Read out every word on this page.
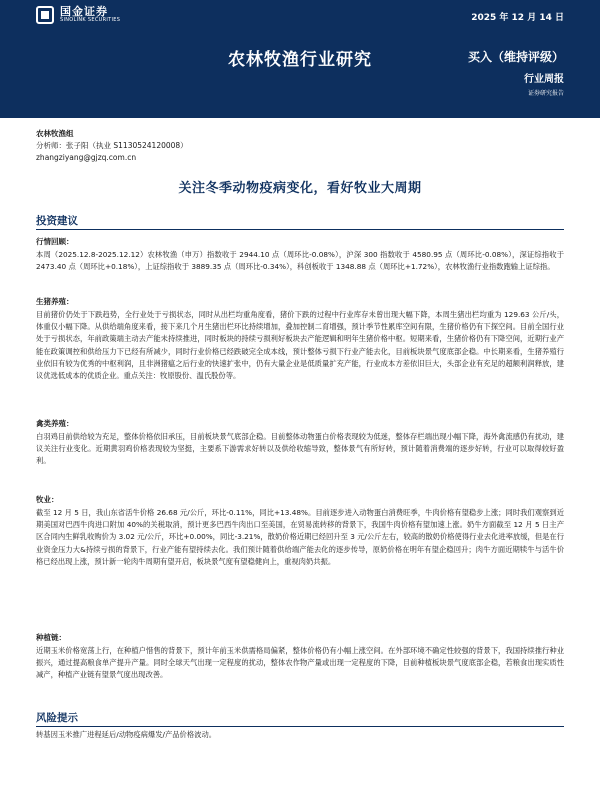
国金证券
SINOLINK SECURITIES	2025 年 12 月 14 日
农林牧渔行业研究	买入（维持评级）
行业周报
证券研究报告
农林牧渔组
分析师：张子阳（执业 S1130524120008）
zhangziyang@gjzq.com.cn
关注冬季动物疫病变化，看好牧业大周期
投资建议
行情回顾：
本周（2025.12.8-2025.12.12）农林牧渔（申万）指数收于 2944.10 点（周环比-0.08%），沪深 300 指数收于 4580.95 点（周环比-0.08%），深证综指收于 2473.40 点（周环比+0.18%），上证综指收于 3889.35 点（周环比-0.34%），科创板收于 1348.88 点（周环比+1.72%），农林牧渔行业指数跑输上证综指。
生猪养殖：
目前猪价仍处于下跌趋势，全行业处于亏损状态，同时从出栏均重角度看，猪价下跌的过程中行业库存未曾出现大幅下降，本周生猪出栏均重为 129.63 公斤/头，体重仅小幅下降。从供给端角度来看，接下来几个月生猪出栏环比持续增加，叠加控制二育增强，预计季节性累库空间有限，生猪价格仍有下探空间。目前全国行业处于亏损状态，年前政策端主动去产能未持续推进，同时板块的持续亏损利好板块去产能逻辑和明年生猪价格中枢。短期来看，生猪价格仍有下降空间，近期行业产能在政策调控和供给压力下已经有所减少，同时行业价格已经跌破完全成本线，预计整体亏损下行业产能去化，目前板块景气度底部企稳。中长期来看，生猪养殖行业依旧有较为优秀的中枢利润，且非洲猪瘟之后行业的快速扩张中，仍有大量企业是低质量扩充产能，行业成本方差依旧巨大，头部企业有充足的超额利润释放，建议优选低成本的优质企业。重点关注：牧原股份、温氏股份等。
禽类养殖：
白羽鸡目前供给较为充足，整体价格依旧承压，目前板块景气底部企稳。目前整体动物蛋白价格表现较为低迷，整体存栏端出现小幅下降，海外禽流感仍有扰动，建议关注行业变化。近期黄羽鸡价格表现较为坚挺，主要系下游需求好转以及供给收缩导致，整体景气有所好转，预计随着消费端的逐步好转，行业可以取得较好盈利。
牧业：
截至 12 月 5 日，我山东省活牛价格 26.68 元/公斤，环比-0.11%，同比+13.48%。目前逐步进入动物蛋白消费旺季，牛肉价格有望稳步上涨；同时我们观察到近期美国对巴西牛肉进口附加 40%的关税取消，预计更多巴西牛肉出口至美国，在贸易流转移的背景下，我国牛肉价格有望加速上涨。奶牛方面截至 12 月 5 日主产区合同内生鲜乳收购价为 3.02 元/公斤，环比+0.00%，同比-3.21%，散奶价格近期已经回升至 3 元/公斤左右，较高的散奶价格使得行业去化进率放缓，但是在行业资金压力大&持续亏损的背景下，行业产能有望持续去化。我们预计随着供给端产能去化的逐步传导，原奶价格在明年有望企稳回升；肉牛方面近期犊牛与活牛价格已经出现上涨，预计新一轮肉牛周期有望开启，板块景气度有望稳健向上，重视肉奶共振。
种植链：
近期玉米价格宽荡上行，在种植户惜售的背景下，预计年前玉米供需格局偏紧，整体价格仍有小幅上涨空间。在外部环境不确定性较强的背景下，我国持续推行种业振兴，通过提高粮食单产提升产量。同时全球天气出现一定程度的扰动，整体农作物产量或出现一定程度的下降，目前种植板块景气度底部企稳，若粮食出现实质性减产，种植产业链有望景气度出现改善。
风险提示
转基因玉米推广进程延后/动物疫病爆发/产品价格波动。
